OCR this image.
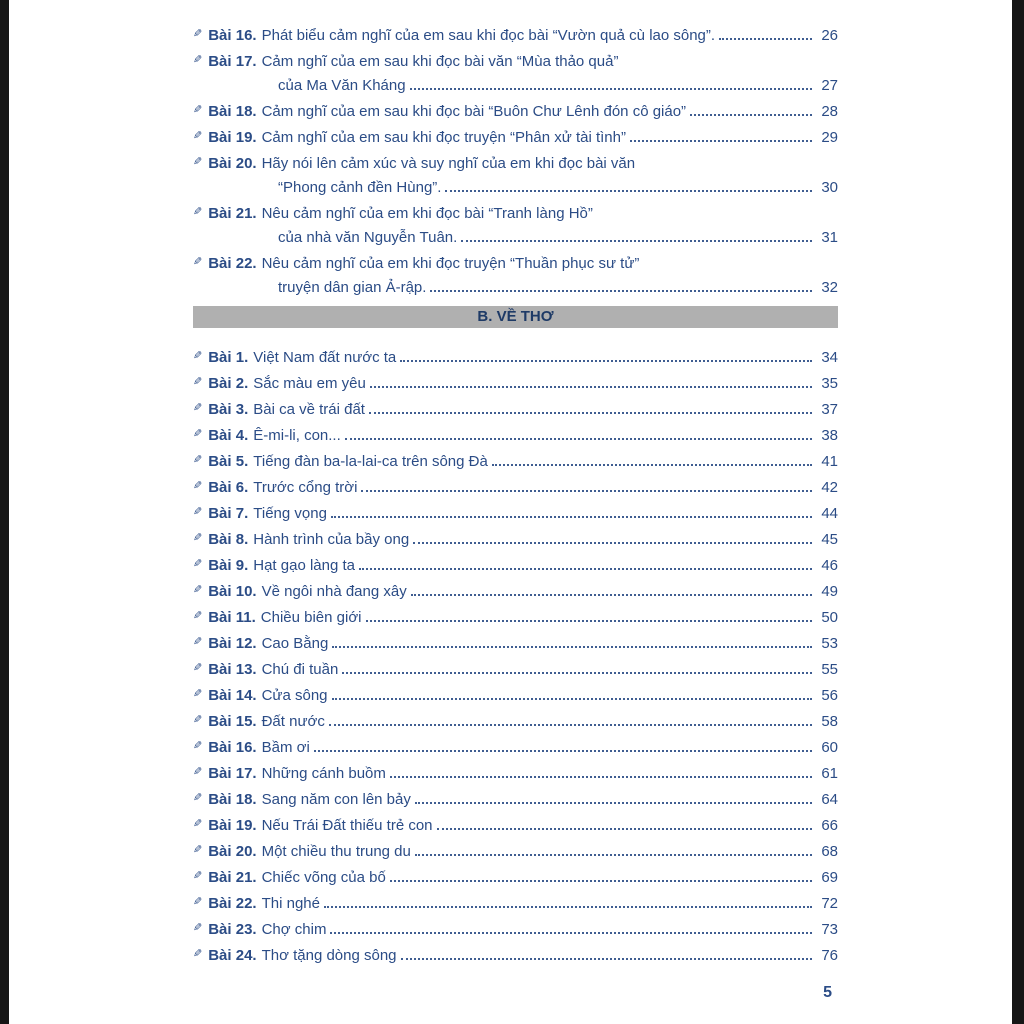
✎ Bài 16. Phát biểu cảm nghĩ của em sau khi đọc bài “Vườn quả cù lao sông”.	26
✎ Bài 17. Cảm nghĩ của em sau khi đọc bài văn “Mùa thảo quả”
của Ma Văn Kháng	27
✎ Bài 18. Cảm nghĩ của em sau khi đọc bài “Buôn Chư Lênh đón cô giáo”	28
✎ Bài 19. Cảm nghĩ của em sau khi đọc truyện “Phân xử tài tình”	29
✎ Bài 20. Hãy nói lên cảm xúc và suy nghĩ của em khi đọc bài văn
“Phong cảnh đền Hùng”.	30
✎ Bài 21. Nêu cảm nghĩ của em khi đọc bài “Tranh làng Hồ”
của nhà văn Nguyễn Tuân.	31
✎ Bài 22. Nêu cảm nghĩ của em khi đọc truyện “Thuần phục sư tử”
truyện dân gian Ả-rập.	32
B. VỀ THƠ
✎ Bài 1. Việt Nam đất nước ta	34
✎ Bài 2. Sắc màu em yêu	35
✎ Bài 3. Bài ca về trái đất	37
✎ Bài 4. Ê-mi-li, con...	38
✎ Bài 5. Tiếng đàn ba-la-lai-ca trên sông Đà	41
✎ Bài 6. Trước cổng trời	42
✎ Bài 7. Tiếng vọng	44
✎ Bài 8. Hành trình của bầy ong	45
✎ Bài 9. Hạt gạo làng ta	46
✎ Bài 10. Về ngôi nhà đang xây	49
✎ Bài 11. Chiều biên giới	50
✎ Bài 12. Cao Bằng	53
✎ Bài 13. Chú đi tuần	55
✎ Bài 14. Cửa sông	56
✎ Bài 15. Đất nước	58
✎ Bài 16. Bầm ơi	60
✎ Bài 17. Những cánh buồm	61
✎ Bài 18. Sang năm con lên bảy	64
✎ Bài 19. Nếu Trái Đất thiếu trẻ con	66
✎ Bài 20. Một chiều thu trung du	68
✎ Bài 21. Chiếc võng của bố	69
✎ Bài 22. Thi nghé	72
✎ Bài 23. Chợ chim	73
✎ Bài 24. Thơ tặng dòng sông	76
5
